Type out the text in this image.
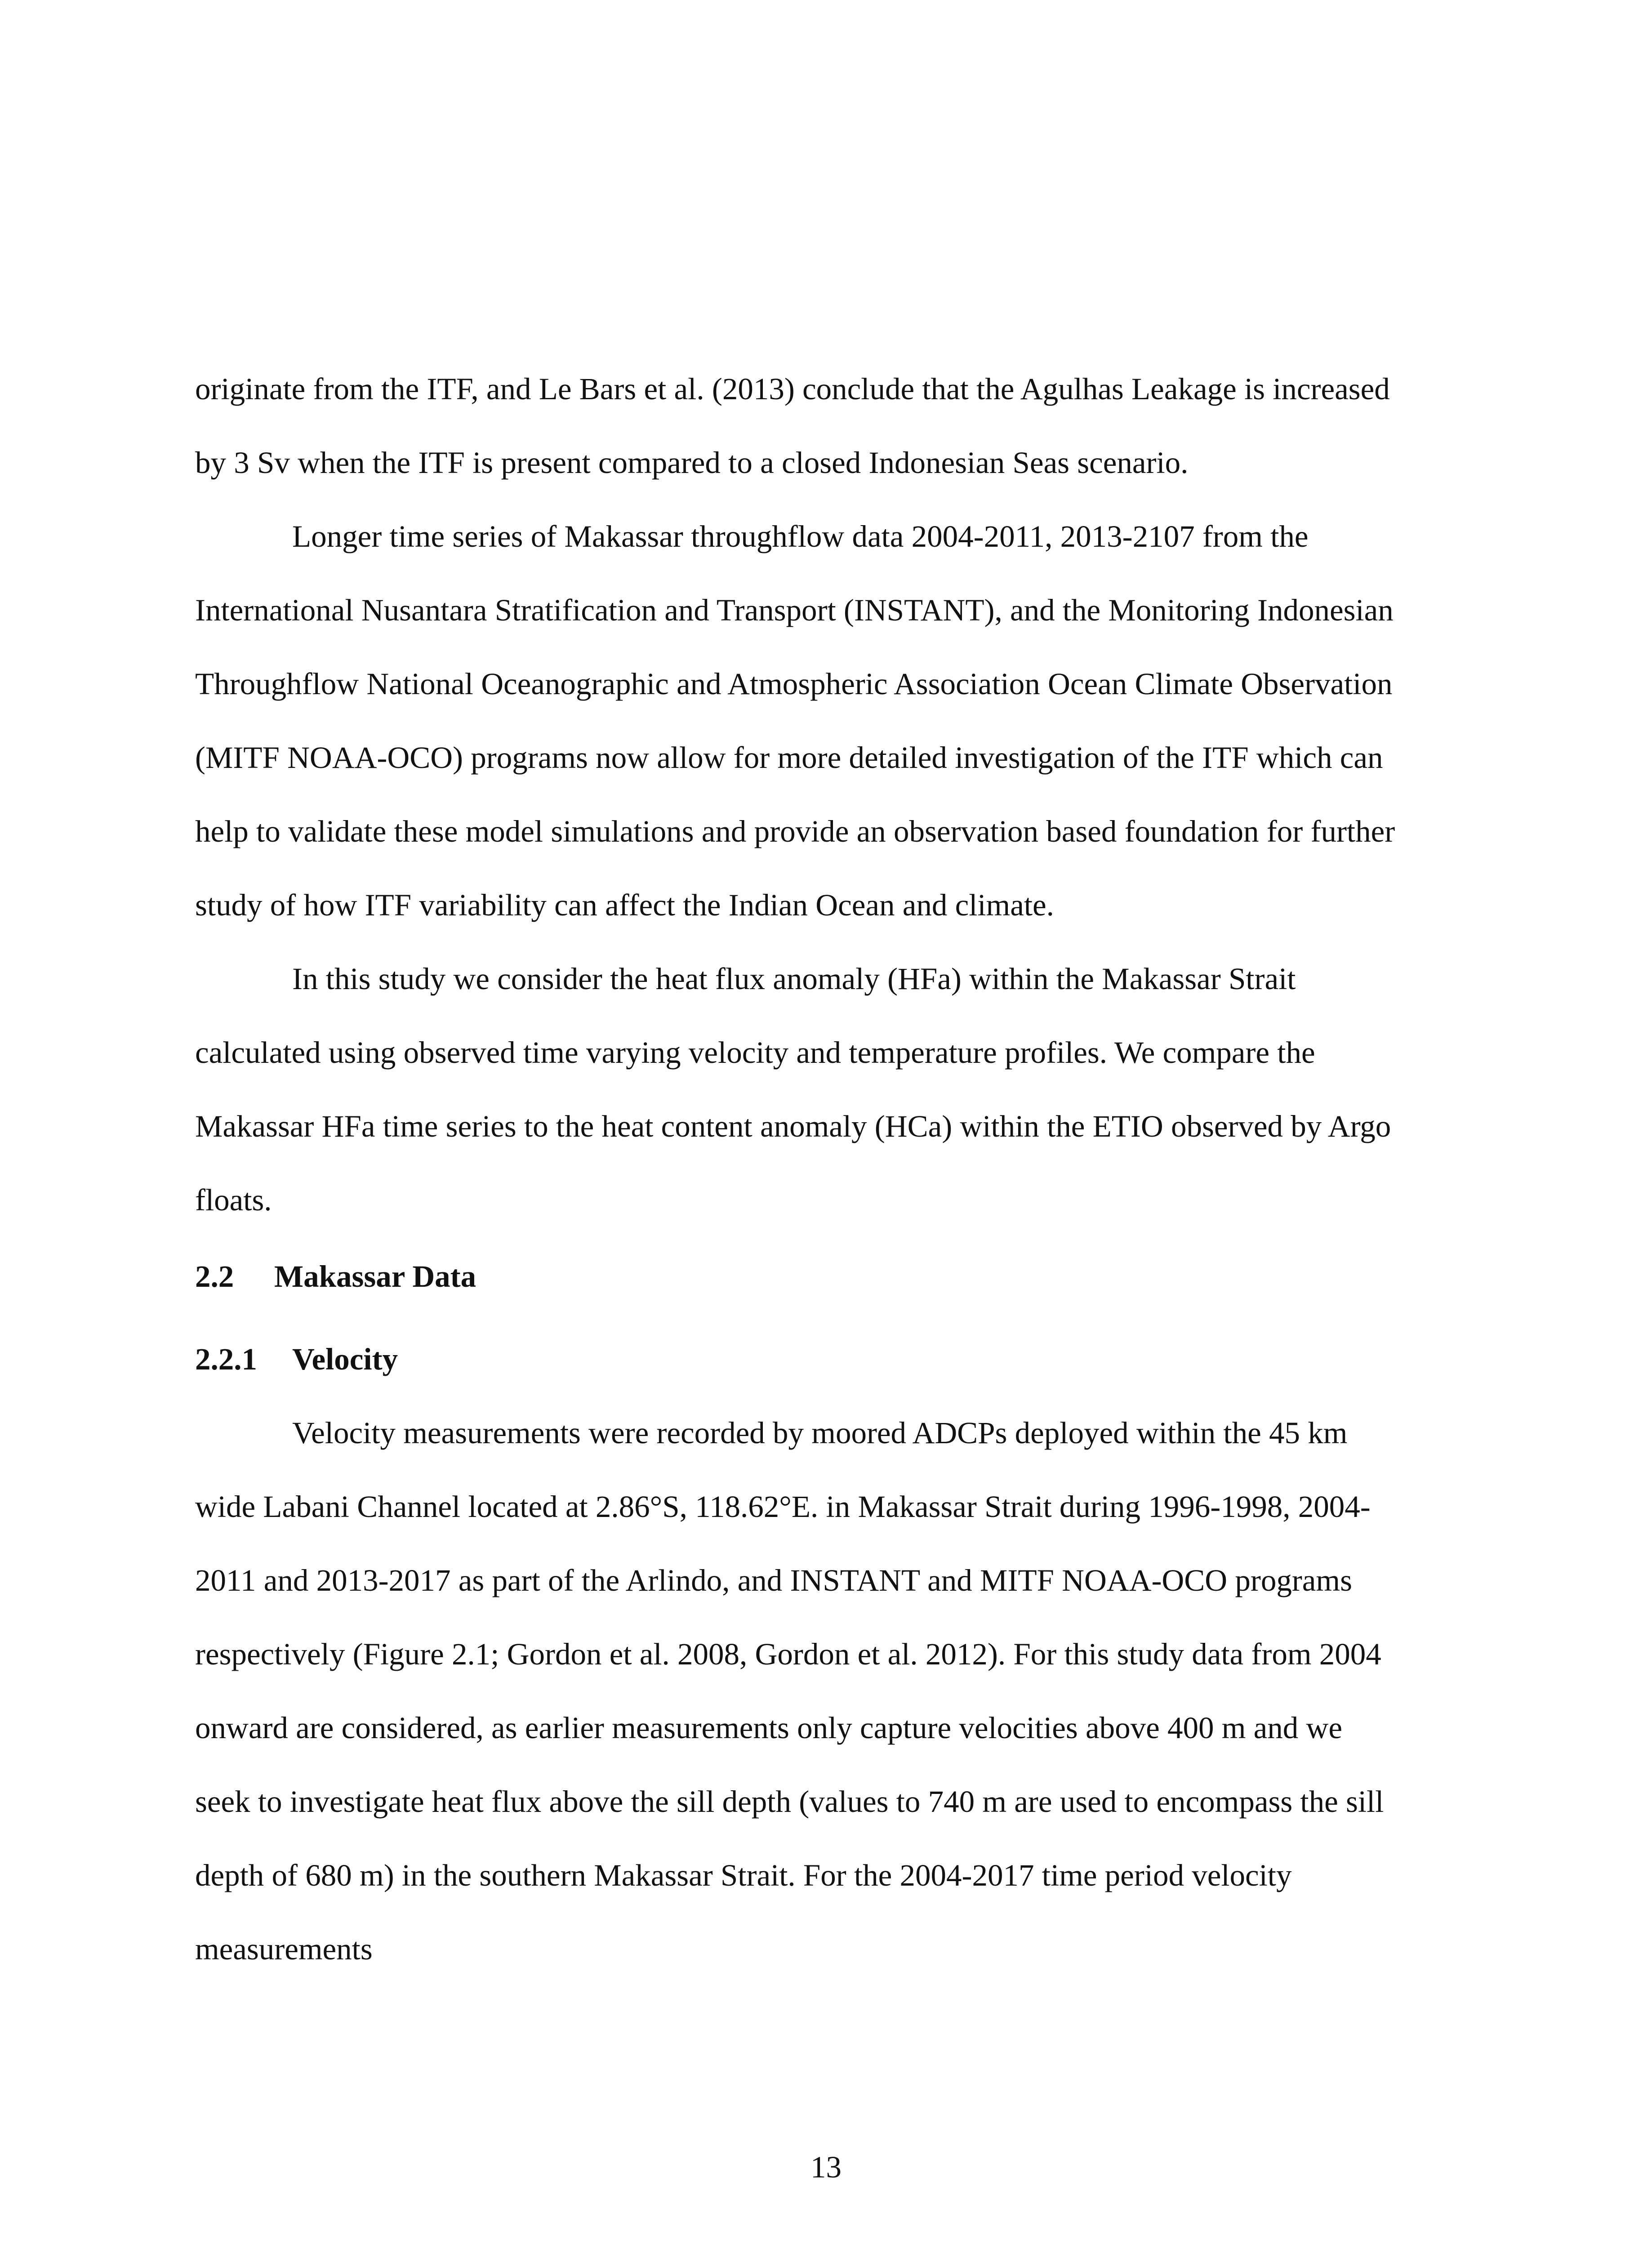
originate from the ITF, and Le Bars et al. (2013) conclude that the Agulhas Leakage is increased
by 3 Sv when the ITF is present compared to a closed Indonesian Seas scenario.
Longer time series of Makassar throughflow data 2004-2011, 2013-2107 from the
International Nusantara Stratification and Transport (INSTANT), and the Monitoring Indonesian
Throughflow National Oceanographic and Atmospheric Association Ocean Climate Observation
(MITF NOAA-OCO) programs now allow for more detailed investigation of the ITF which can
help to validate these model simulations and provide an observation based foundation for further
study of how ITF variability can affect the Indian Ocean and climate.
In this study we consider the heat flux anomaly (HFa) within the Makassar Strait
calculated using observed time varying velocity and temperature profiles. We compare the
Makassar HFa time series to the heat content anomaly (HCa) within the ETIO observed by Argo
floats.
2.2 Makassar Data
2.2.1 Velocity
Velocity measurements were recorded by moored ADCPs deployed within the 45 km
wide Labani Channel located at 2.86°S, 118.62°E. in Makassar Strait during 1996-1998, 2004-
2011 and 2013-2017 as part of the Arlindo, and INSTANT and MITF NOAA-OCO programs
respectively (Figure 2.1; Gordon et al. 2008, Gordon et al. 2012). For this study data from 2004
onward are considered, as earlier measurements only capture velocities above 400 m and we
seek to investigate heat flux above the sill depth (values to 740 m are used to encompass the sill
depth of 680 m) in the southern Makassar Strait. For the 2004-2017 time period velocity
measurements
13
